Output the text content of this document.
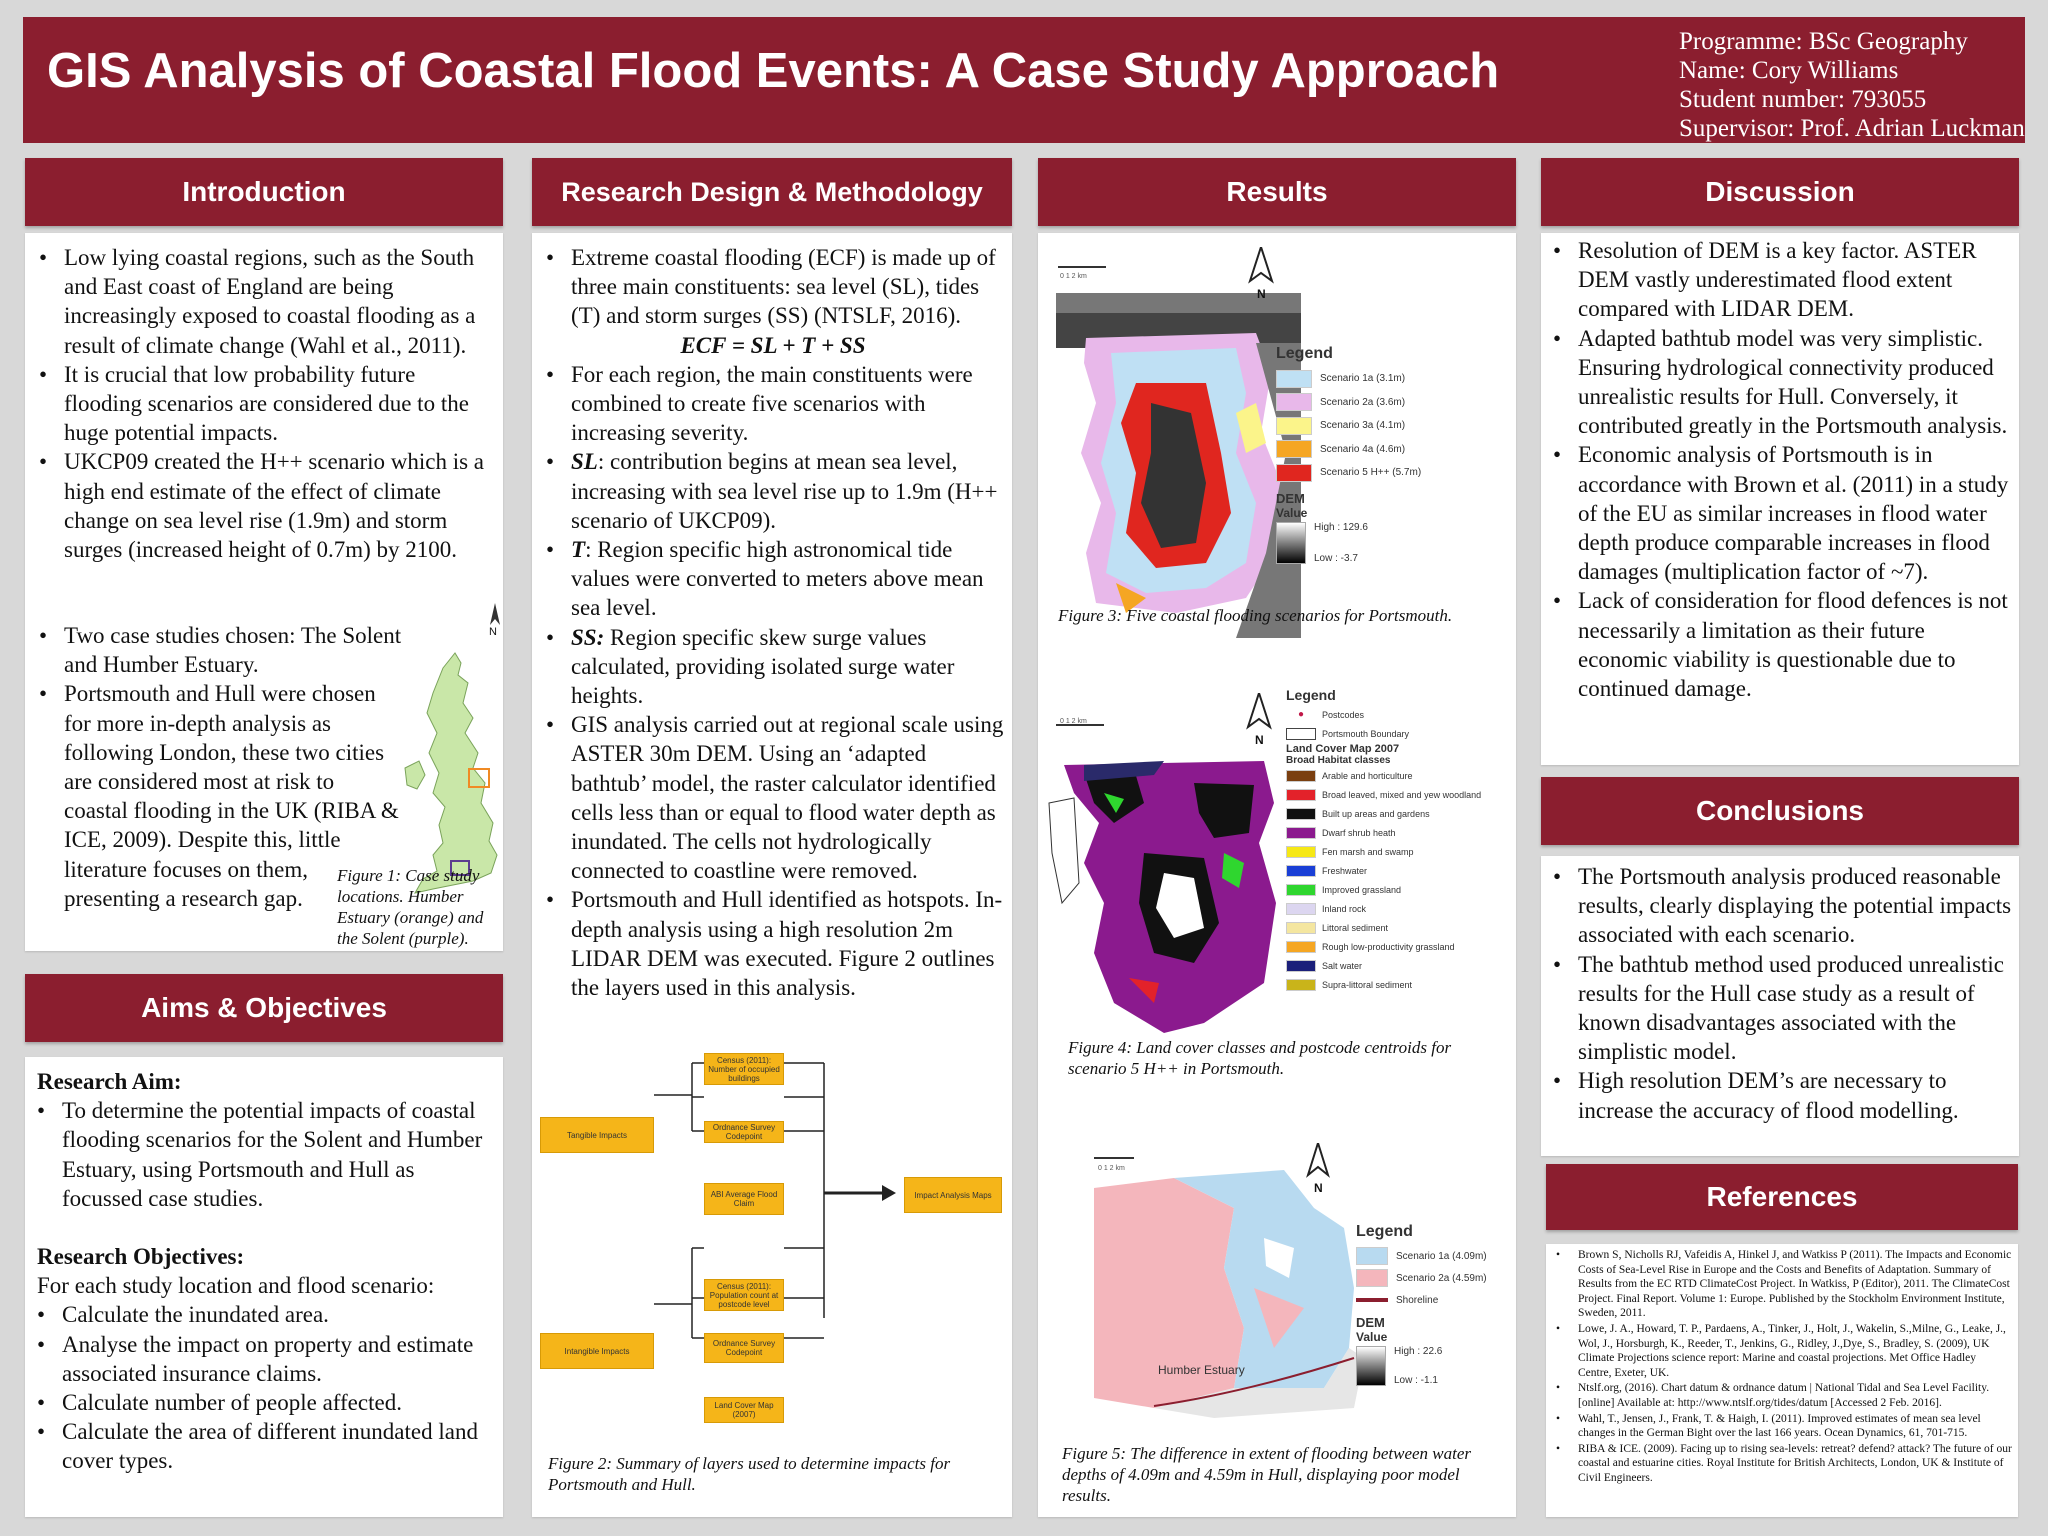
GIS Analysis of Coastal Flood Events: A Case Study Approach
Programme: BSc Geography
Name: Cory Williams
Student number: 793055
Supervisor: Prof. Adrian Luckman
Introduction
• Low lying coastal regions, such as the South and East coast of England are being increasingly exposed to coastal flooding as a result of climate change (Wahl et al., 2011).
• It is crucial that low probability future flooding scenarios are considered due to the huge potential impacts.
• UKCP09 created the H++ scenario which is a high end estimate of the effect of climate change on sea level rise (1.9m) and storm surges (increased height of 0.7m) by 2100.
• Two case studies chosen: The Solent and Humber Estuary.
• Portsmouth and Hull were chosen for more in-depth analysis as following London, these two cities are considered most at risk to coastal flooding in the UK (RIBA & ICE, 2009). Despite this, little literature focuses on them, presenting a research gap.
N
Figure 1: Case study locations. Humber Estuary (orange) and the Solent (purple).
Aims & Objectives
Research Aim:
• To determine the potential impacts of coastal flooding scenarios for the Solent and Humber Estuary, using Portsmouth and Hull as focussed case studies.
Research Objectives:
For each study location and flood scenario:
• Calculate the inundated area.
• Analyse the impact on property and estimate associated insurance claims.
• Calculate number of people affected.
• Calculate the area of different inundated land cover types.
Research Design & Methodology
• Extreme coastal flooding (ECF) is made up of three main constituents: sea level (SL), tides (T) and storm surges (SS) (NTSLF, 2016).
ECF = SL + T + SS
• For each region, the main constituents were combined to create five scenarios with increasing severity.
• SL: contribution begins at mean sea level, increasing with sea level rise up to 1.9m (H++ scenario of UKCP09).
• T: Region specific high astronomical tide values were converted to meters above mean sea level.
• SS: Region specific skew surge values calculated, providing isolated surge water heights.
• GIS analysis carried out at regional scale using ASTER 30m DEM. Using an ‘adapted bathtub’ model, the raster calculator identified cells less than or equal to flood water depth as inundated. The cells not hydrologically connected to coastline were removed.
• Portsmouth and Hull identified as hotspots. In-depth analysis using a high resolution 2m LIDAR DEM was executed. Figure 2 outlines the layers used in this analysis.
Tangible Impacts
Census (2011): Number of occupied buildings
Ordnance Survey Codepoint
ABI Average Flood Claim
Impact Analysis Maps
Census (2011): Population count at postcode level
Intangible Impacts
Ordnance Survey Codepoint
Land Cover Map (2007)
Figure 2: Summary of layers used to determine impacts for Portsmouth and Hull.
Results
0 1 2 km
N
Legend
Scenario 1a (3.1m)
Scenario 2a (3.6m)
Scenario 3a (4.1m)
Scenario 4a (4.6m)
Scenario 5 H++ (5.7m)
DEM
Value
High : 129.6
Low : -3.7
Figure 3: Five coastal flooding scenarios for Portsmouth.
0 1 2 km
N
Legend
●	Postcodes
Portsmouth Boundary
Land Cover Map 2007
Broad Habitat classes
Arable and horticulture
Broad leaved, mixed and yew woodland
Built up areas and gardens
Dwarf shrub heath
Fen marsh and swamp
Freshwater
Improved grassland
Inland rock
Littoral sediment
Rough low-productivity grassland
Salt water
Supra-littoral sediment
Figure 4: Land cover classes and postcode centroids for scenario 5 H++ in Portsmouth.
0 1 2 km
N
Humber Estuary
Legend
Scenario 1a (4.09m)
Scenario 2a (4.59m)
Shoreline
DEM
Value
High : 22.6
Low : -1.1
Figure 5: The difference in extent of flooding between water depths of 4.09m and 4.59m in Hull, displaying poor model results.
Discussion
• Resolution of DEM is a key factor. ASTER DEM vastly underestimated flood extent compared with LIDAR DEM.
• Adapted bathtub model was very simplistic. Ensuring hydrological connectivity produced unrealistic results for Hull. Conversely, it contributed greatly in the Portsmouth analysis.
• Economic analysis of Portsmouth is in accordance with Brown et al. (2011) in a study of the EU as similar increases in flood water depth produce comparable increases in flood damages (multiplication factor of ~7).
• Lack of consideration for flood defences is not necessarily a limitation as their future economic viability is questionable due to continued damage.
Conclusions
• The Portsmouth analysis produced reasonable results, clearly displaying the potential impacts associated with each scenario.
• The bathtub method used produced unrealistic results for the Hull case study as a result of known disadvantages associated with the simplistic model.
• High resolution DEM’s are necessary to increase the accuracy of flood modelling.
References
• Brown S, Nicholls RJ, Vafeidis A, Hinkel J, and Watkiss P (2011). The Impacts and Economic Costs of Sea-Level Rise in Europe and the Costs and Benefits of Adaptation. Summary of Results from the EC RTD ClimateCost Project. In Watkiss, P (Editor), 2011. The ClimateCost Project. Final Report. Volume 1: Europe. Published by the Stockholm Environment Institute, Sweden, 2011.
• Lowe, J. A., Howard, T. P., Pardaens, A., Tinker, J., Holt, J., Wakelin, S.,Milne, G., Leake, J., Wol, J., Horsburgh, K., Reeder, T., Jenkins, G., Ridley, J.,Dye, S., Bradley, S. (2009), UK Climate Projections science report: Marine and coastal projections. Met Office Hadley Centre, Exeter, UK.
• Ntslf.org, (2016). Chart datum & ordnance datum | National Tidal and Sea Level Facility. [online] Available at: http://www.ntslf.org/tides/datum [Accessed 2 Feb. 2016].
• Wahl, T., Jensen, J., Frank, T. & Haigh, I. (2011). Improved estimates of mean sea level changes in the German Bight over the last 166 years. Ocean Dynamics, 61, 701-715.
• RIBA & ICE. (2009). Facing up to rising sea-levels: retreat? defend? attack? The future of our coastal and estuarine cities. Royal Institute for British Architects, London, UK & Institute of Civil Engineers.
